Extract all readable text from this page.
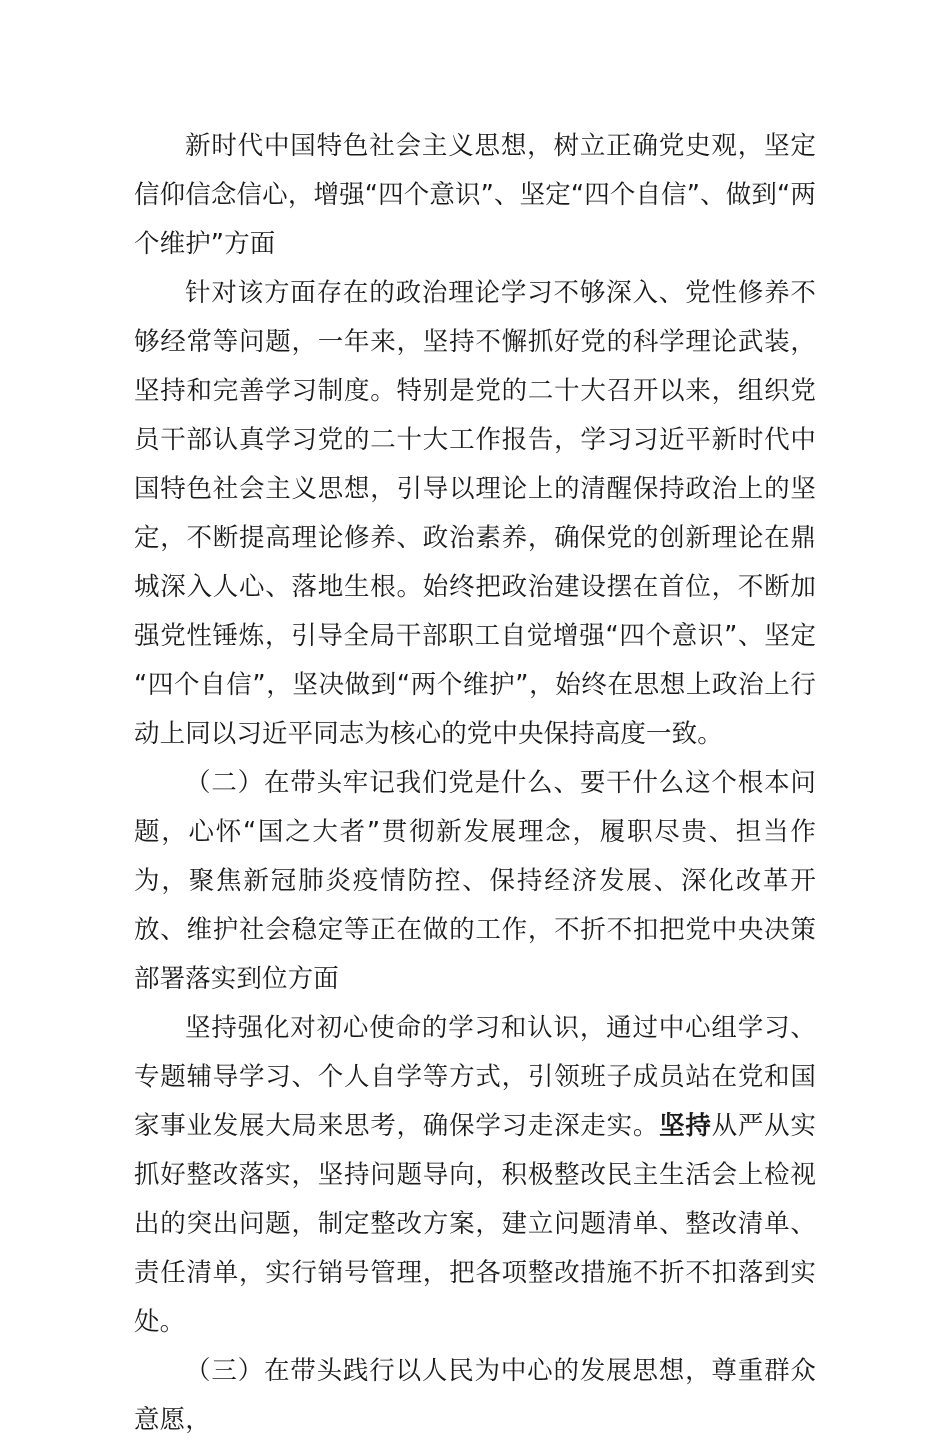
新时代中国特色社会主义思想，树立正确党史观，坚定信仰信念信心，增强“四个意识”、坚定“四个自信”、做到“两个维护”方面

针对该方面存在的政治理论学习不够深入、党性修养不够经常等问题，一年来，坚持不懈抓好党的科学理论武装，坚持和完善学习制度。特别是党的二十大召开以来，组织党员干部认真学习党的二十大工作报告，学习习近平新时代中国特色社会主义思想，引导以理论上的清醒保持政治上的坚定，不断提高理论修养、政治素养，确保党的创新理论在鼎城深入人心、落地生根。始终把政治建设摆在首位，不断加强党性锤炼，引导全局干部职工自觉增强“四个意识”、坚定“四个自信”，坚决做到“两个维护”，始终在思想上政治上行动上同以习近平同志为核心的党中央保持高度一致。

（二）在带头牢记我们党是什么、要干什么这个根本问题，心怀“国之大者”贯彻新发展理念，履职尽贵、担当作为，聚焦新冠肺炎疫情防控、保持经济发展、深化改革开放、维护社会稳定等正在做的工作，不折不扣把党中央决策部署落实到位方面

坚持强化对初心使命的学习和认识，通过中心组学习、专题辅导学习、个人自学等方式，引领班子成员站在党和国家事业发展大局来思考，确保学习走深走实。坚持从严从实抓好整改落实，坚持问题导向，积极整改民主生活会上检视出的突出问题，制定整改方案，建立问题清单、整改清单、责任清单，实行销号管理，把各项整改措施不折不扣落到实处。

（三）在带头践行以人民为中心的发展思想，尊重群众意愿，
